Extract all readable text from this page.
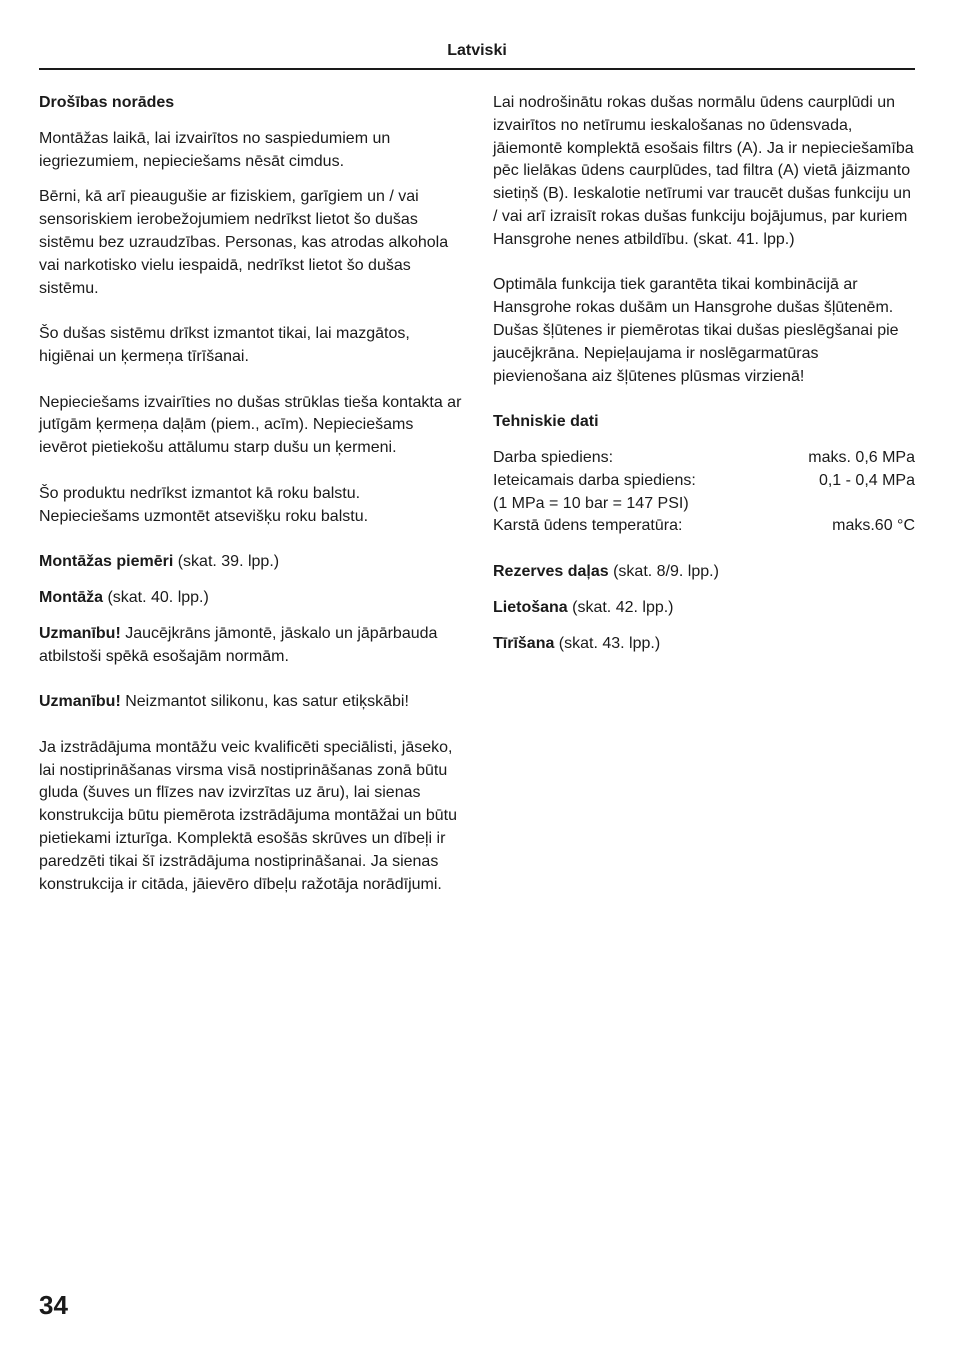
Latviski
Drošības norādes

Montāžas laikā, lai izvairītos no saspiedumiem un iegriezumiem, nepieciešams nēsāt cimdus.

Bērni, kā arī pieaugušie ar fiziskiem, garīgiem un / vai sensoriskiem ierobežojumiem nedrīkst lietot šo dušas sistēmu bez uzraudzības. Personas, kas atrodas alkohola vai narkotisko vielu iespaidā, nedrīkst lietot šo dušas sistēmu.

Šo dušas sistēmu drīkst izmantot tikai, lai mazgātos, higiēnai un ķermeņa tīrīšanai.

Nepieciešams izvairīties no dušas strūklas tieša kontakta ar jutīgām ķermeņa daļām (piem., acīm). Nepieciešams ievērot pietiekošu attālumu starp dušu un ķermeni.

Šo produktu nedrīkst izmantot kā roku balstu. Nepieciešams uzmontēt atsevišķu roku balstu.

Montāžas piemēri (skat. 39. lpp.)

Montāža (skat. 40. lpp.)

Uzmanību! Jaucējkrāns jāmontē, jāskalo un jāpārbauda atbilstoši spēkā esošajām normām.

Uzmanību! Neizmantot silikonu, kas satur etiķskābi!

Ja izstrādājuma montāžu veic kvalificēti speciālisti, jāseko, lai nostiprināšanas virsma visā nostiprināšanas zonā būtu gluda (šuves un flīzes nav izvirzītas uz āru), lai sienas konstrukcija būtu piemērota izstrādājuma montāžai un būtu pietiekami izturīga. Komplektā esošās skrūves un dībeļi ir paredzēti tikai šī izstrādājuma nostiprināšanai. Ja sienas konstrukcija ir citāda, jāievēro dībeļu ražotāja norādījumi.

Lai nodrošinātu rokas dušas normālu ūdens caurplūdi un izvairītos no netīrumu ieskalošanas no ūdensvada, jāiemontē komplektā esošais filtrs (A). Ja ir nepieciešamība pēc lielākas ūdens caurplūdes, tad filtra (A) vietā jāizmanto sietiņš (B). Ieskalotie netīrumi var traucēt dušas funkciju un / vai arī izraisīt rokas dušas funkciju bojājumus, par kuriem Hansgrohe nenes atbildību. (skat. 41. lpp.)

Optimāla funkcija tiek garantēta tikai kombinācijā ar Hansgrohe rokas dušām un Hansgrohe dušas šļūtenēm. Dušas šļūtenes ir piemērotas tikai dušas pieslēgšanai pie jaucējkrāna. Nepieļaujama ir noslēgarmatūras pievienošana aiz šļūtenes plūsmas virzienā!

Tehniskie dati
Darba spiediens:	maks. 0,6 MPa
Ieteicamais darba spiediens:	0,1 - 0,4 MPa
(1 MPa = 10 bar = 147 PSI)
Karstā ūdens temperatūra:	maks.60 °C

Rezerves daļas (skat. 8/9. lpp.)

Lietošana (skat. 42. lpp.)

Tīrīšana (skat. 43. lpp.)

34
